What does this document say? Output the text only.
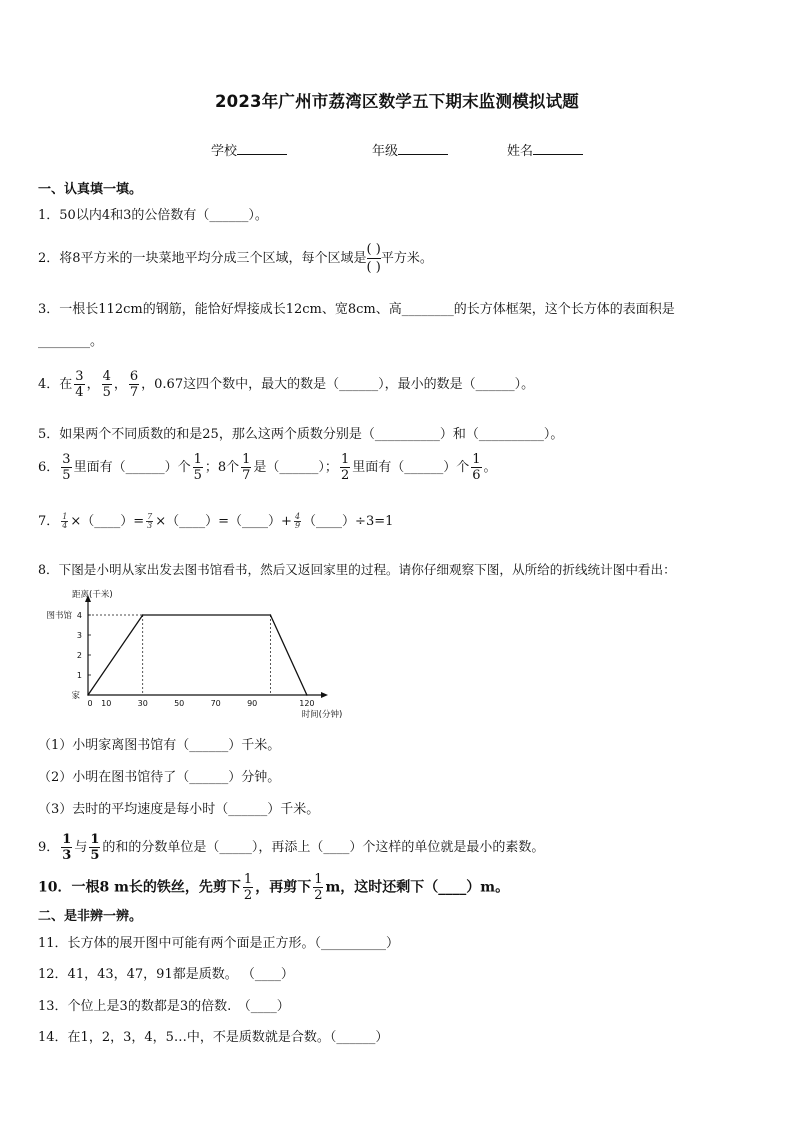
2023年广州市荔湾区数学五下期末监测模拟试题
学校	年级	姓名
一、认真填一填。
1．50以内4和3的公倍数有（______）。
2．将8平方米的一块菜地平均分成三个区域，每个区域是 $\frac{( )}{( )}$ 平方米。
3．一根长112cm的钢筋，能恰好焊接成长12cm、宽8cm、高________的长方体框架，这个长方体的表面积是
________。
4．在 $\frac{3}{4}$ ， $\frac{4}{5}$ ， $\frac{6}{7}$ ，0.67这四个数中，最大的数是（______），最小的数是（______）。
5．如果两个不同质数的和是25，那么这两个质数分别是（__________）和（__________）。
6． $\frac{3}{5}$ 里面有（______）个 $\frac{1}{5}$ ；8个 $\frac{1}{7}$ 是（______）； $\frac{1}{2}$ 里面有（______）个 $\frac{1}{6}$ 。
7． $\frac{1}{4}$ ×（____）= $\frac{7}{3}$ ×（____）=（____）+ $\frac{4}{9}$ （____）÷3=1
8．下图是小明从家出发去图书馆看书，然后又返回家里的过程。请你仔细观察下图，从所给的折线统计图中看出：
距离(千米)
时间(分钟)
0 10	30	50	70	90	120
1
2
3
4
家
图书馆
（1）小明家离图书馆有（______）千米。
（2）小明在图书馆待了（______）分钟。
（3）去时的平均速度是每小时（______）千米。
9． $\frac{1}{3}$ 与 $\frac{1}{5}$ 的和的分数单位是（_____），再添上（____）个这样的单位就是最小的素数。
10．一根8 m长的铁丝，先剪下 $\frac{1}{2}$ ，再剪下 $\frac{1}{2}$ m，这时还剩下（____）m。
二、是非辨一辨。
11．长方体的展开图中可能有两个面是正方形。（__________）
12．41，43，47，91都是质数。 （____）
13．个位上是3的数都是3的倍数.　（____）
14．在1，2，3，4，5…中，不是质数就是合数。（______）
